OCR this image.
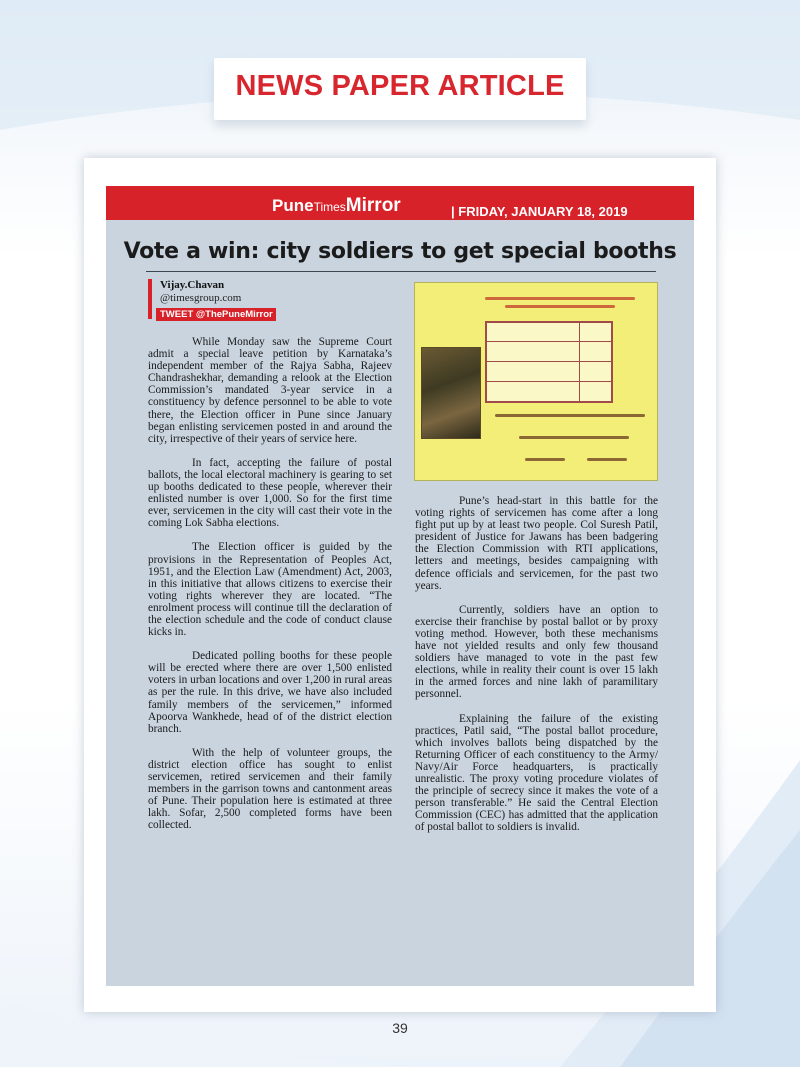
NEWS PAPER ARTICLE
PuneTimesMirror	| FRIDAY, JANUARY 18, 2019
Vote a win: city soldiers to get special booths
Vijay.Chavan
@timesgroup.com
TWEET @ThePuneMirror

While Monday saw the Supreme Court admit a special leave petition by Karnataka’s independent member of the Rajya Sabha, Rajeev Chandrashekhar, demanding a relook at the Election Commission’s mandated 3-year service in a constituency by defence personnel to be able to vote there, the Election officer in Pune since January began enlisting servicemen posted in and around the city, irrespective of their years of service here.

In fact, accepting the failure of postal ballots, the local electoral machinery is gearing to set up booths dedicated to these people, wherever their enlisted number is over 1,000. So for the first time ever, servicemen in the city will cast their vote in the coming Lok Sabha elections.

The Election officer is guided by the provisions in the Representation of Peoples Act, 1951, and the Election Law (Amendment) Act, 2003, in this initiative that allows citizens to exercise their voting rights wherever they are located. “The enrolment process will continue till the declaration of the election schedule and the code of conduct clause kicks in.

Dedicated polling booths for these people will be erected where there are over 1,500 enlisted voters in urban locations and over 1,200 in rural areas as per the rule. In this drive, we have also included family members of the servicemen,” informed Apoorva Wankhede, head of of the district election branch.

With the help of volunteer groups, the district election office has sought to enlist servicemen, retired servicemen and their family members in the garrison towns and cantonment areas of Pune. Their population here is estimated at three lakh. Sofar, 2,500 completed forms have been collected.

Pune’s head-start in this battle for the voting rights of servicemen has come after a long fight put up by at least two people. Col Suresh Patil, president of Justice for Jawans has been badgering the Election Commission with RTI applications, letters and meetings, besides campaigning with defence officials and servicemen, for the past two years.

Currently, soldiers have an option to exercise their franchise by postal ballot or by proxy voting method. However, both these mechanisms have not yielded results and only few thousand soldiers have managed to vote in the past few elections, while in reality their count is over 15 lakh in the armed forces and nine lakh of paramilitary personnel.

Explaining the failure of the existing practices, Patil said, “The postal ballot procedure, which involves ballots being dispatched by the Returning Officer of each constituency to the Army/ Navy/Air Force headquarters, is practically unrealistic. The proxy voting procedure violates of the principle of secrecy since it makes the vote of a person transferable.” He said the Central Election Commission (CEC) has admitted that the application of postal ballot to soldiers is invalid.

39
